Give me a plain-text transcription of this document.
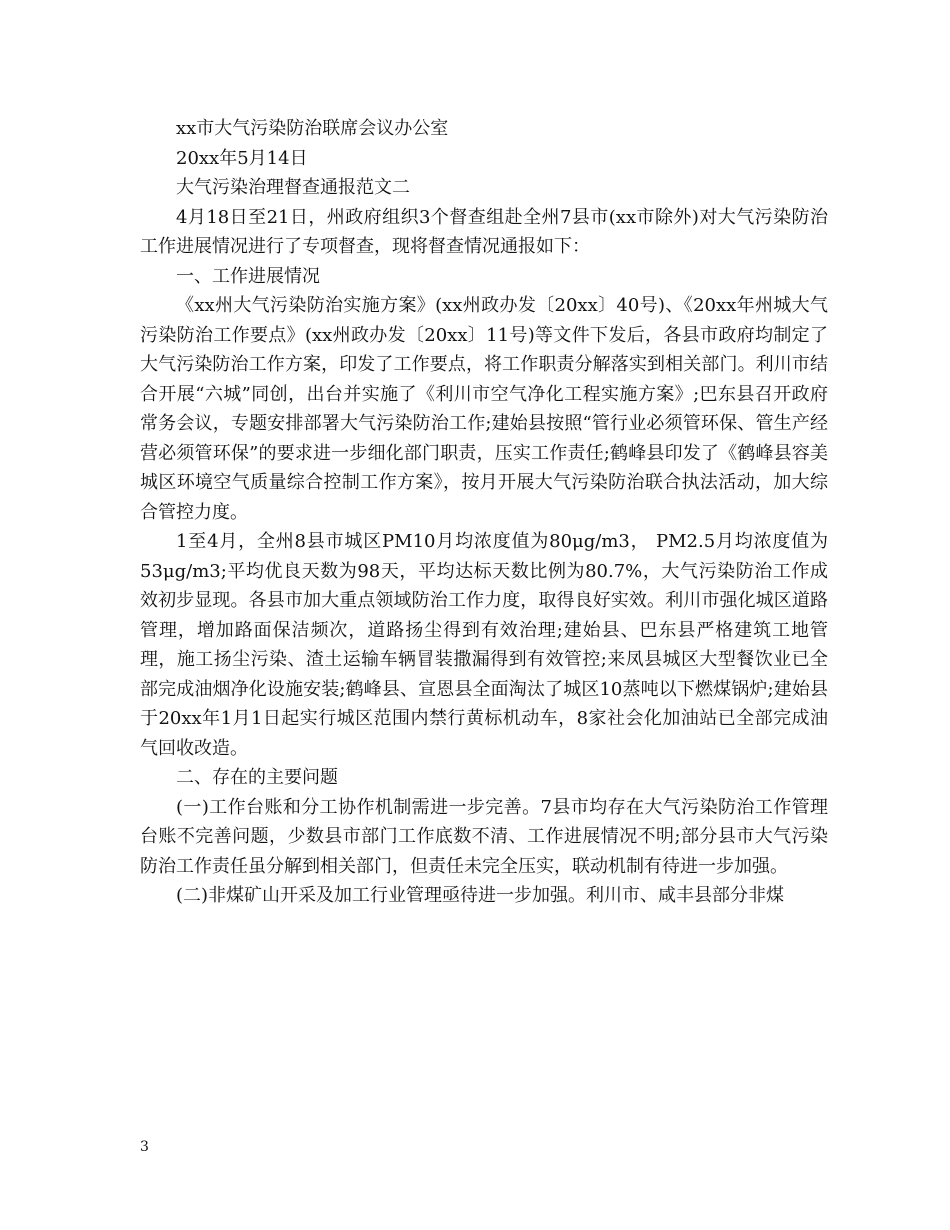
xx市大气污染防治联席会议办公室

20xx年5月14日

大气污染治理督查通报范文二

4月18日至21日，州政府组织3个督查组赴全州7县市(xx市除外)对大气污染防治工作进展情况进行了专项督查，现将督查情况通报如下：

一、工作进展情况

《xx州大气污染防治实施方案》(xx州政办发〔20xx〕40号)、《20xx年州城大气污染防治工作要点》(xx州政办发〔20xx〕11号)等文件下发后，各县市政府均制定了大气污染防治工作方案，印发了工作要点，将工作职责分解落实到相关部门。利川市结合开展“六城”同创，出台并实施了《利川市空气净化工程实施方案》;巴东县召开政府常务会议，专题安排部署大气污染防治工作;建始县按照“管行业必须管环保、管生产经营必须管环保”的要求进一步细化部门职责，压实工作责任;鹤峰县印发了《鹤峰县容美城区环境空气质量综合控制工作方案》，按月开展大气污染防治联合执法活动，加大综合管控力度。

1至4月，全州8县市城区PM10月均浓度值为80μg/m3， PM2.5月均浓度值为53μg/m3;平均优良天数为98天，平均达标天数比例为80.7%，大气污染防治工作成效初步显现。各县市加大重点领域防治工作力度，取得良好实效。利川市强化城区道路管理，增加路面保洁频次，道路扬尘得到有效治理;建始县、巴东县严格建筑工地管理，施工扬尘污染、渣土运输车辆冒装撒漏得到有效管控;来凤县城区大型餐饮业已全部完成油烟净化设施安装;鹤峰县、宣恩县全面淘汰了城区10蒸吨以下燃煤锅炉;建始县于20xx年1月1日起实行城区范围内禁行黄标机动车，8家社会化加油站已全部完成油气回收改造。

二、存在的主要问题

(一)工作台账和分工协作机制需进一步完善。7县市均存在大气污染防治工作管理台账不完善问题，少数县市部门工作底数不清、工作进展情况不明;部分县市大气污染防治工作责任虽分解到相关部门，但责任未完全压实，联动机制有待进一步加强。

(二)非煤矿山开采及加工行业管理亟待进一步加强。利川市、咸丰县部分非煤

3
